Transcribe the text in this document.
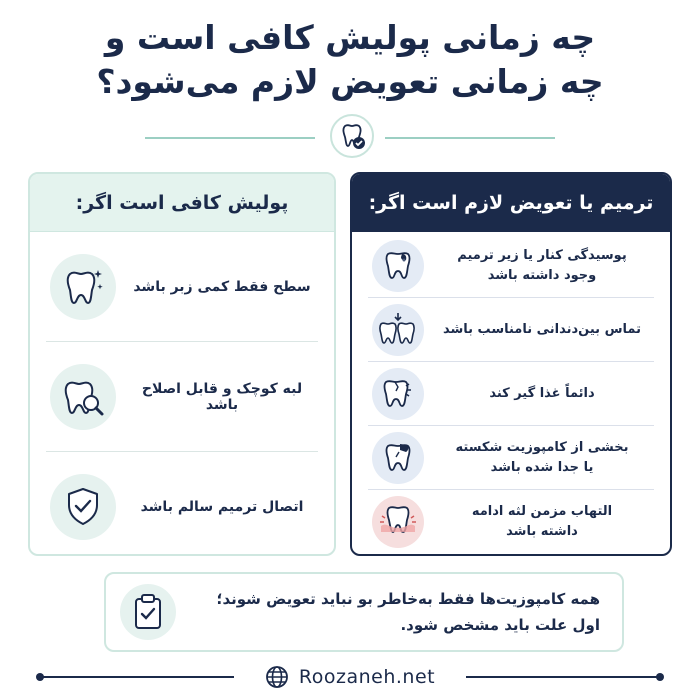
چه زمانی پولیش کافی است و
چه زمانی تعویض لازم می‌شود؟
پولیش کافی است اگر:
سطح فقط کمی زبر باشد
لبه کوچک و قابل اصلاح باشد
اتصال ترمیم سالم باشد
ترمیم یا تعویض لازم است اگر:
پوسیدگی کنار یا زیر ترمیم
وجود داشته باشد
تماس بین‌دندانی نامناسب باشد
دائماً غذا گیر کند
بخشی از کامپوزیت شکسته
یا جدا شده باشد
التهاب مزمن لثه ادامه
داشته باشد
همه کامپوزیت‌ها فقط به‌خاطر بو نباید تعویض شوند؛
اول علت باید مشخص شود.
Roozaneh.net
